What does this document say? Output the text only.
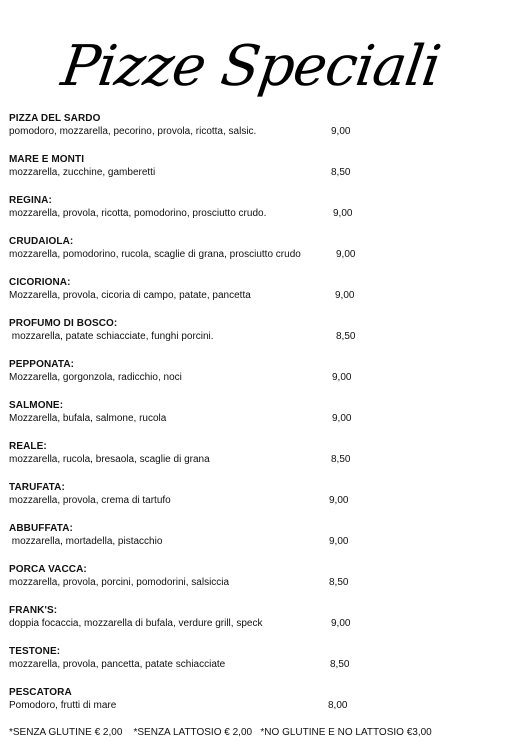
Pizze Speciali
PIZZA DEL SARDO
pomodoro, mozzarella, pecorino, provola, ricotta, salsic.	9,00
MARE E MONTI
mozzarella, zucchine, gamberetti	8,50
REGINA:
mozzarella, provola, ricotta, pomodorino, prosciutto crudo.	9,00
CRUDAIOLA:
mozzarella, pomodorino, rucola, scaglie di grana, prosciutto crudo	9,00
CICORIONA:
Mozzarella, provola, cicoria di campo, patate, pancetta	9,00
PROFUMO DI BOSCO:
mozzarella, patate schiacciate, funghi porcini.	8,50
PEPPONATA:
Mozzarella, gorgonzola, radicchio, noci	9,00
SALMONE:
Mozzarella, bufala, salmone, rucola	9,00
REALE:
mozzarella, rucola, bresaola, scaglie di grana	8,50
TARUFATA:
mozzarella, provola, crema di tartufo	9,00
ABBUFFATA:
mozzarella, mortadella, pistacchio	9,00
PORCA VACCA:
mozzarella, provola, porcini, pomodorini, salsiccia	8,50
FRANK'S:
doppia focaccia, mozzarella di bufala, verdure grill, speck	9,00
TESTONE:
mozzarella, provola, pancetta, patate schiacciate	8,50
PESCATORA
Pomodoro, frutti di mare	8,00
*SENZA GLUTINE € 2,00    *SENZA LATTOSIO € 2,00   *NO GLUTINE E NO LATTOSIO €3,00
